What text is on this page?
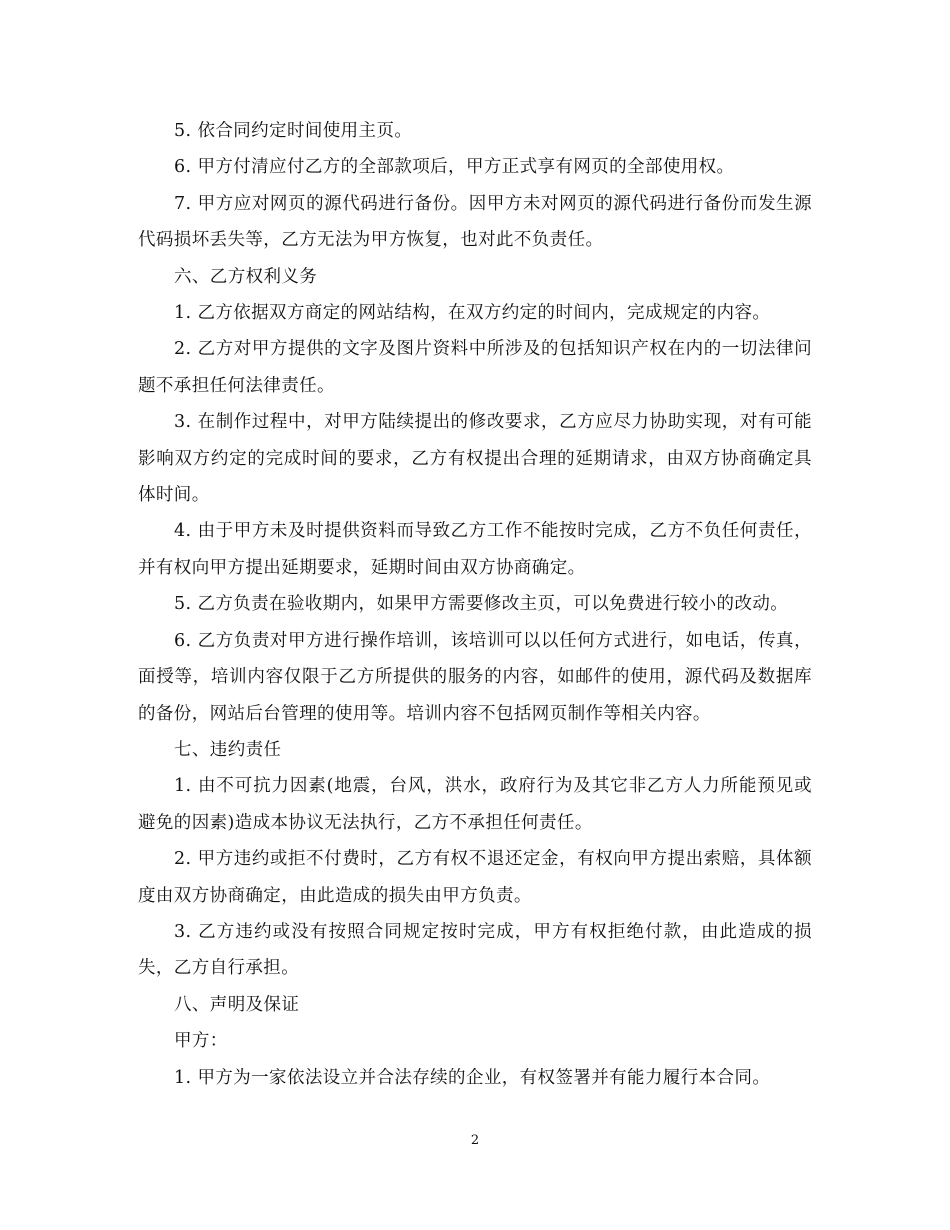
5. 依合同约定时间使用主页。

6. 甲方付清应付乙方的全部款项后，甲方正式享有网页的全部使用权。

7. 甲方应对网页的源代码进行备份。因甲方未对网页的源代码进行备份而发生源代码损坏丢失等，乙方无法为甲方恢复，也对此不负责任。

六、乙方权利义务

1. 乙方依据双方商定的网站结构，在双方约定的时间内，完成规定的内容。

2. 乙方对甲方提供的文字及图片资料中所涉及的包括知识产权在内的一切法律问题不承担任何法律责任。

3. 在制作过程中，对甲方陆续提出的修改要求，乙方应尽力协助实现，对有可能影响双方约定的完成时间的要求，乙方有权提出合理的延期请求，由双方协商确定具体时间。

4. 由于甲方未及时提供资料而导致乙方工作不能按时完成，乙方不负任何责任，并有权向甲方提出延期要求，延期时间由双方协商确定。

5. 乙方负责在验收期内，如果甲方需要修改主页，可以免费进行较小的改动。

6. 乙方负责对甲方进行操作培训，该培训可以以任何方式进行，如电话，传真，面授等，培训内容仅限于乙方所提供的服务的内容，如邮件的使用，源代码及数据库的备份，网站后台管理的使用等。培训内容不包括网页制作等相关内容。

七、违约责任

1. 由不可抗力因素(地震，台风，洪水，政府行为及其它非乙方人力所能预见或避免的因素)造成本协议无法执行，乙方不承担任何责任。

2. 甲方违约或拒不付费时，乙方有权不退还定金，有权向甲方提出索赔，具体额度由双方协商确定，由此造成的损失由甲方负责。

3. 乙方违约或没有按照合同规定按时完成，甲方有权拒绝付款，由此造成的损失，乙方自行承担。

八、声明及保证

甲方：

1. 甲方为一家依法设立并合法存续的企业，有权签署并有能力履行本合同。

2
